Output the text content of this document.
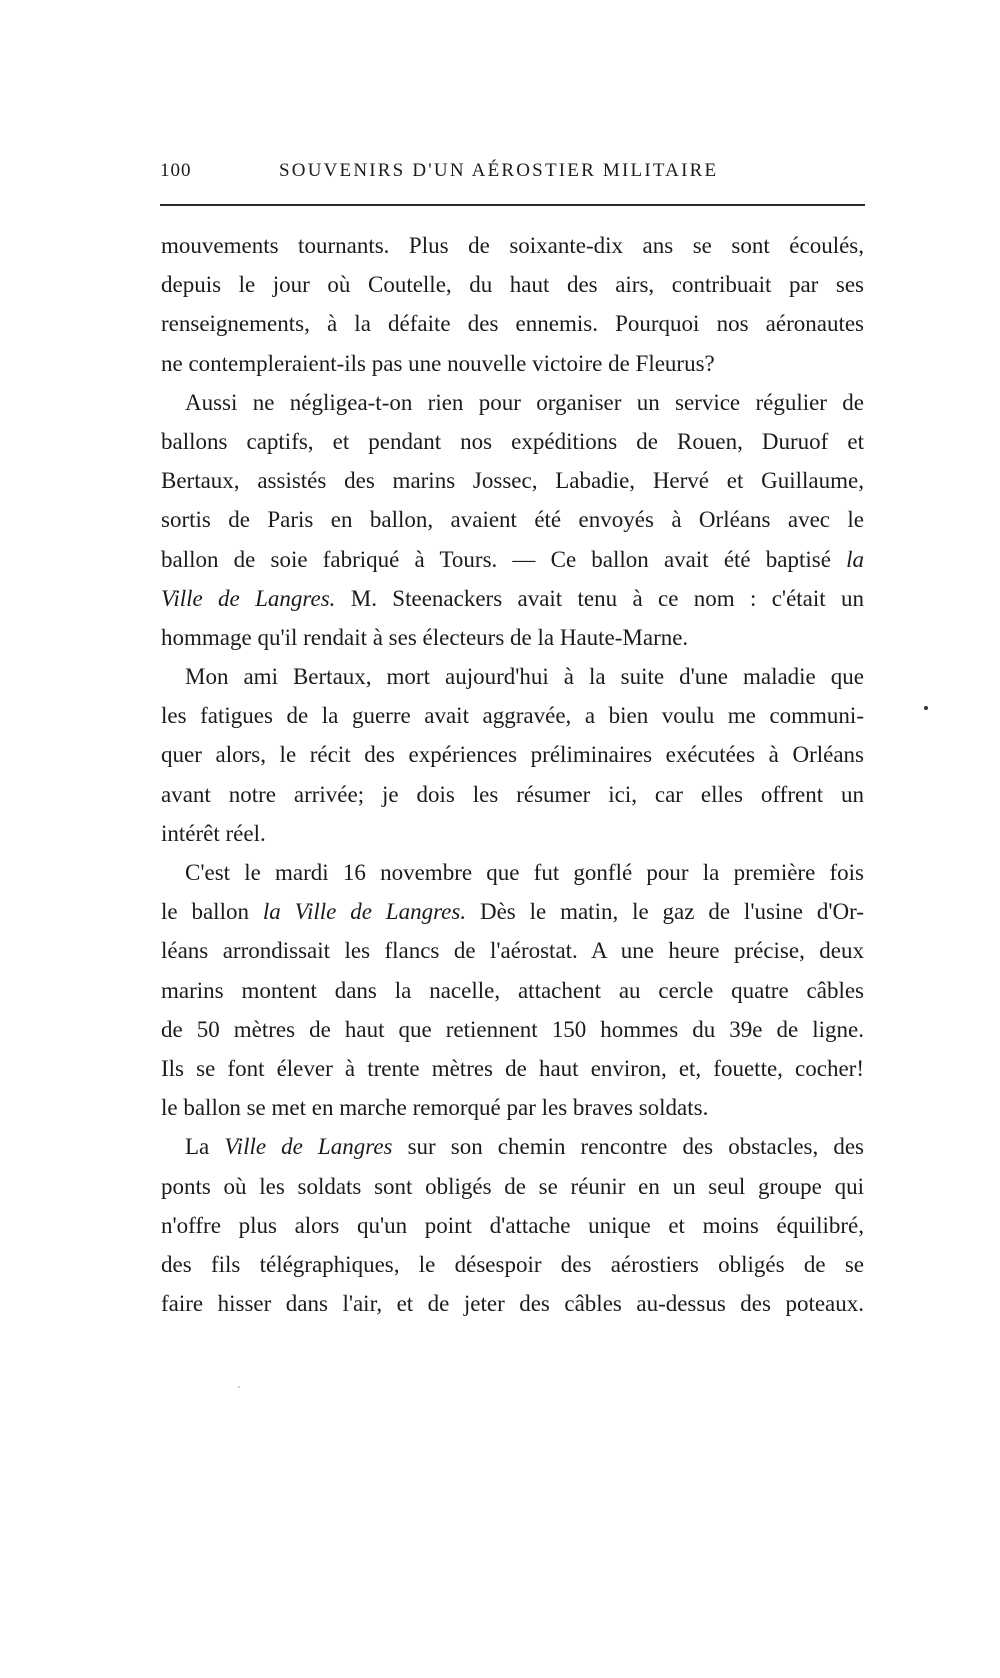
100	SOUVENIRS D'UN AÉROSTIER MILITAIRE
mouvements tournants. Plus de soixante-dix ans se sont écoulés,
depuis le jour où Coutelle, du haut des airs, contribuait par ses
renseignements, à la défaite des ennemis. Pourquoi nos aéronautes
ne contempleraient-ils pas une nouvelle victoire de Fleurus?
Aussi ne négligea-t-on rien pour organiser un service régulier de
ballons captifs, et pendant nos expéditions de Rouen, Duruof et
Bertaux, assistés des marins Jossec, Labadie, Hervé et Guillaume,
sortis de Paris en ballon, avaient été envoyés à Orléans avec le
ballon de soie fabriqué à Tours. — Ce ballon avait été baptisé la
Ville de Langres. M. Steenackers avait tenu à ce nom : c'était un
hommage qu'il rendait à ses électeurs de la Haute-Marne.
Mon ami Bertaux, mort aujourd'hui à la suite d'une maladie que
les fatigues de la guerre avait aggravée, a bien voulu me communi-
quer alors, le récit des expériences préliminaires exécutées à Orléans
avant notre arrivée; je dois les résumer ici, car elles offrent un
intérêt réel.
C'est le mardi 16 novembre que fut gonflé pour la première fois
le ballon la Ville de Langres. Dès le matin, le gaz de l'usine d'Or-
léans arrondissait les flancs de l'aérostat. A une heure précise, deux
marins montent dans la nacelle, attachent au cercle quatre câbles
de 50 mètres de haut que retiennent 150 hommes du 39e de ligne.
Ils se font élever à trente mètres de haut environ, et, fouette, cocher!
le ballon se met en marche remorqué par les braves soldats.
La Ville de Langres sur son chemin rencontre des obstacles, des
ponts où les soldats sont obligés de se réunir en un seul groupe qui
n'offre plus alors qu'un point d'attache unique et moins équilibré,
des fils télégraphiques, le désespoir des aérostiers obligés de se
faire hisser dans l'air, et de jeter des câbles au-dessus des poteaux.
